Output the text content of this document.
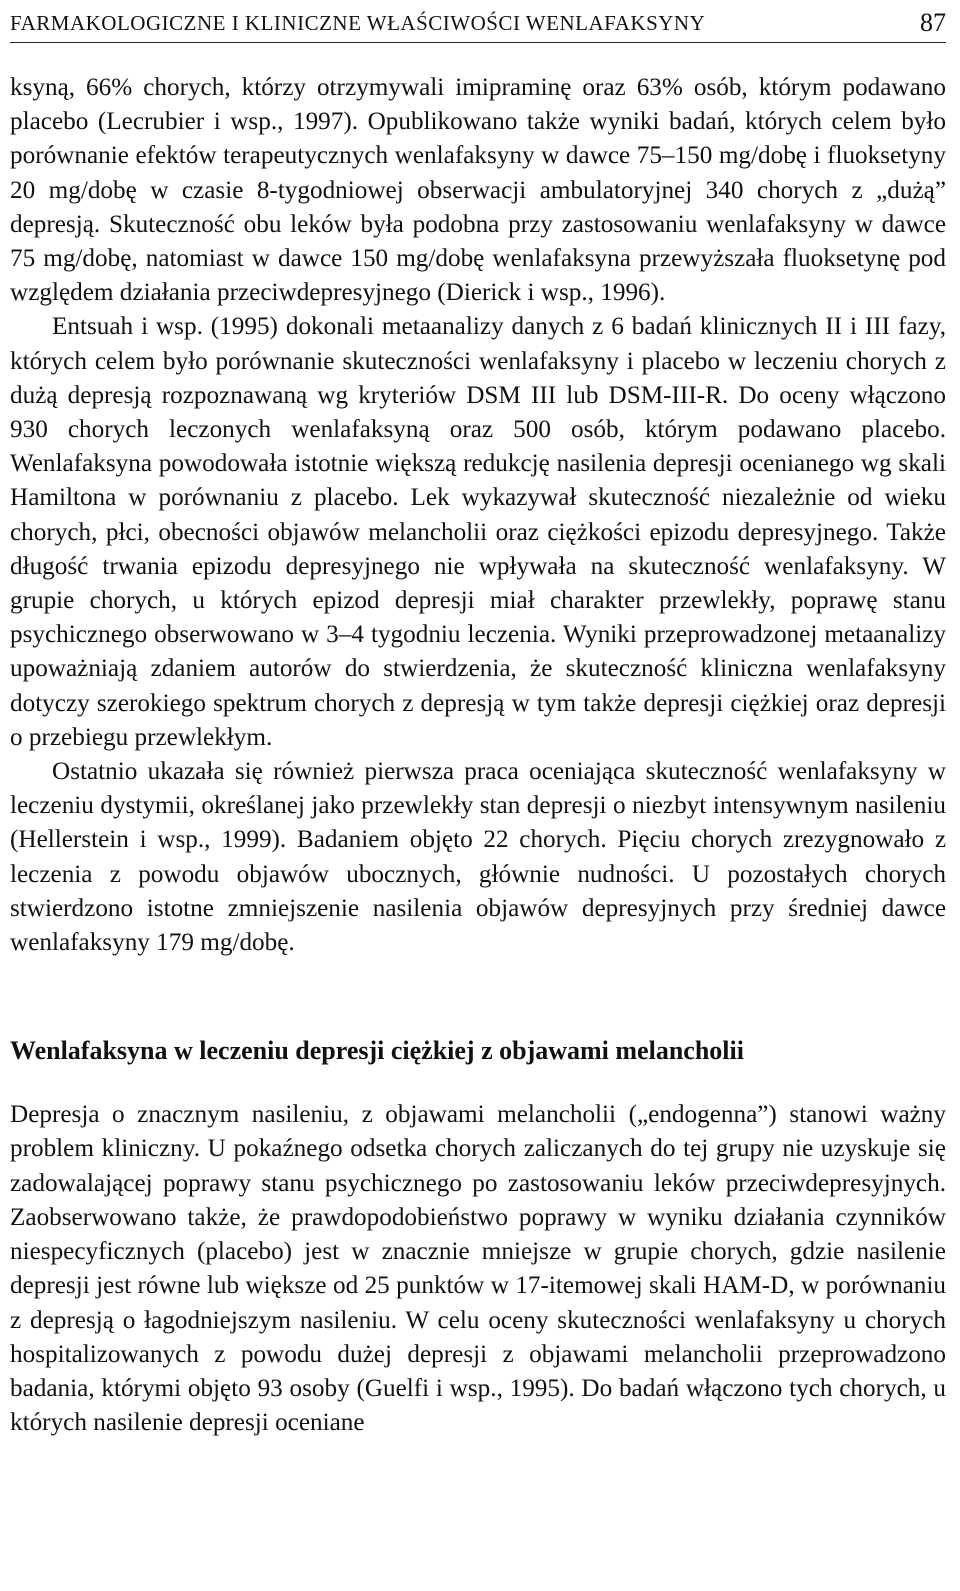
FARMAKOLOGICZNE I KLINICZNE WŁAŚCIWOŚCI WENLAFAKSYNY	87

ksyną, 66% chorych, którzy otrzymywali imipraminę oraz 63% osób, którym podawano placebo (Lecrubier i wsp., 1997). Opublikowano także wyniki badań, których celem było porównanie efektów terapeutycznych wenlafaksyny w dawce 75–150 mg/dobę i fluoksetyny 20 mg/dobę w czasie 8-tygodniowej obserwacji ambulatoryjnej 340 chorych z „dużą” depresją. Skuteczność obu leków była podobna przy zastosowaniu wenlafaksyny w dawce 75 mg/dobę, natomiast w dawce 150 mg/dobę wenlafaksyna przewyższała fluoksetynę pod względem działania przeciwdepresyjnego (Dierick i wsp., 1996).

Entsuah i wsp. (1995) dokonali metaanalizy danych z 6 badań klinicznych II i III fazy, których celem było porównanie skuteczności wenlafaksyny i placebo w leczeniu chorych z dużą depresją rozpoznawaną wg kryteriów DSM III lub DSM-III-R. Do oceny włączono 930 chorych leczonych wenlafaksyną oraz 500 osób, którym podawano placebo. Wenlafaksyna powodowała istotnie większą redukcję nasilenia depresji ocenianego wg skali Hamiltona w porównaniu z placebo. Lek wykazywał skuteczność niezależnie od wieku chorych, płci, obecności objawów melancholii oraz ciężkości epizodu depresyjnego. Także długość trwania epizodu depresyjnego nie wpływała na skuteczność wenlafaksyny. W grupie chorych, u których epizod depresji miał charakter przewlekły, poprawę stanu psychicznego obserwowano w 3–4 tygodniu leczenia. Wyniki przeprowadzonej metaanalizy upoważniają zdaniem autorów do stwierdzenia, że skuteczność kliniczna wenlafaksyny dotyczy szerokiego spektrum chorych z depresją w tym także depresji ciężkiej oraz depresji o przebiegu przewlekłym.

Ostatnio ukazała się również pierwsza praca oceniająca skuteczność wenlafaksyny w leczeniu dystymii, określanej jako przewlekły stan depresji o niezbyt intensywnym nasileniu (Hellerstein i wsp., 1999). Badaniem objęto 22 chorych. Pięciu chorych zrezygnowało z leczenia z powodu objawów ubocznych, głównie nudności. U pozostałych chorych stwierdzono istotne zmniejszenie nasilenia objawów depresyjnych przy średniej dawce wenlafaksyny 179 mg/dobę.

Wenlafaksyna w leczeniu depresji ciężkiej z objawami melancholii

Depresja o znacznym nasileniu, z objawami melancholii („endogenna”) stanowi ważny problem kliniczny. U pokaźnego odsetka chorych zaliczanych do tej grupy nie uzyskuje się zadowalającej poprawy stanu psychicznego po zastosowaniu leków przeciwdepresyjnych. Zaobserwowano także, że prawdopodobieństwo poprawy w wyniku działania czynników niespecyficznych (placebo) jest w znacznie mniejsze w grupie chorych, gdzie nasilenie depresji jest równe lub większe od 25 punktów w 17-itemowej skali HAM-D, w porównaniu z depresją o łagodniejszym nasileniu. W celu oceny skuteczności wenlafaksyny u chorych hospitalizowanych z powodu dużej depresji z objawami melancholii przeprowadzono badania, którymi objęto 93 osoby (Guelfi i wsp., 1995). Do badań włączono tych chorych, u których nasilenie depresji oceniane
